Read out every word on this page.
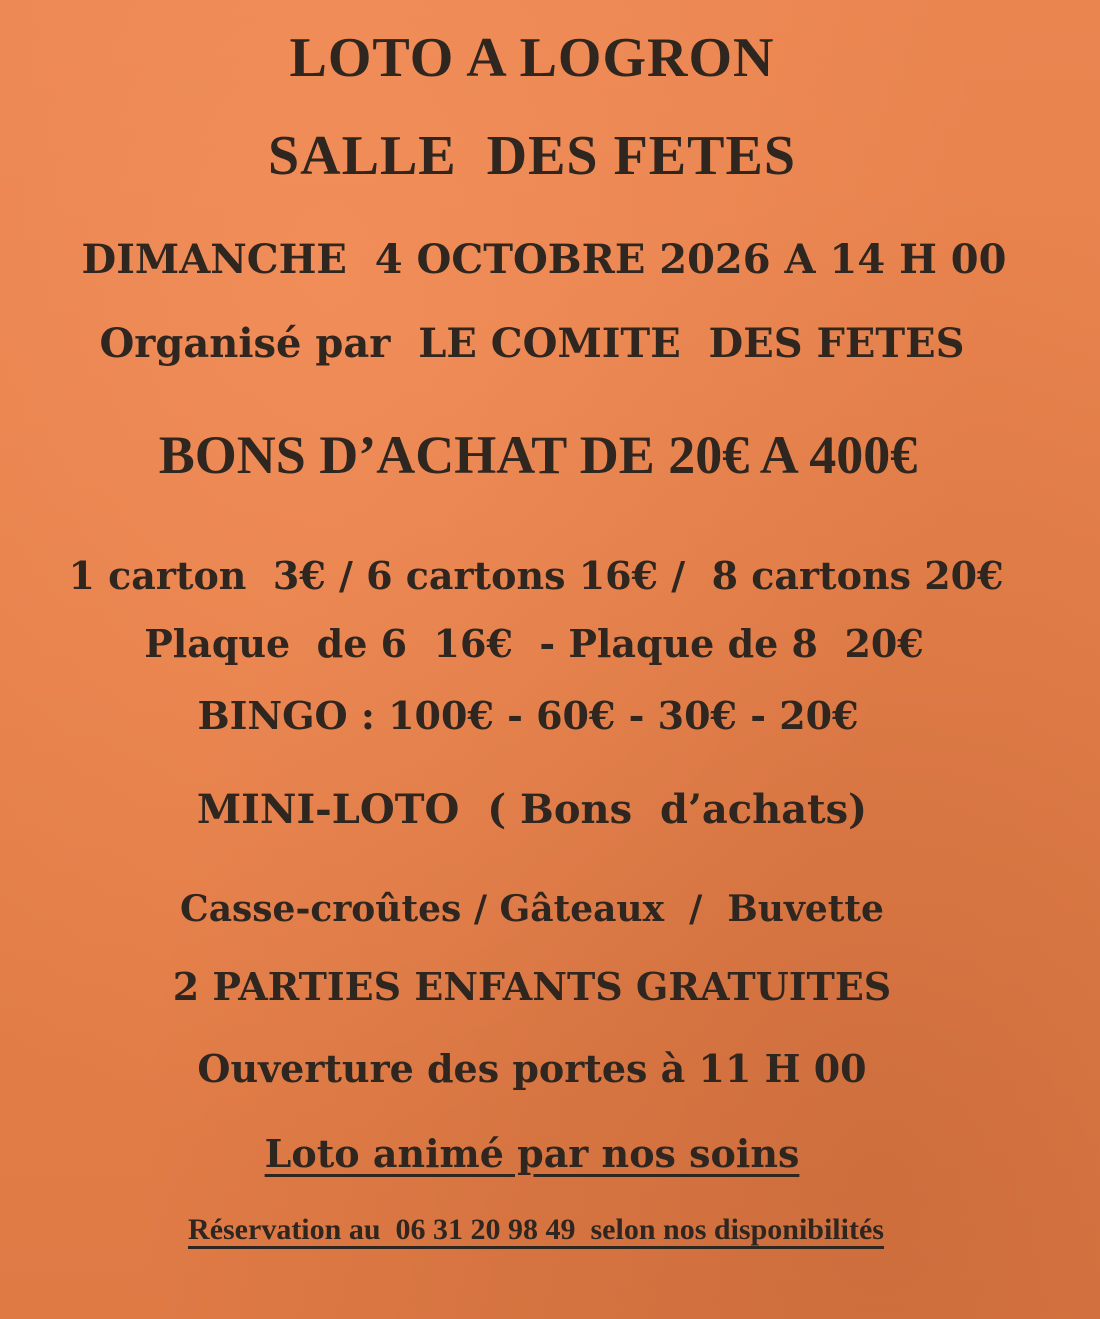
LOTO A LOGRON
SALLE  DES FETES
DIMANCHE  4 OCTOBRE 2026 A 14 H 00
Organisé par  LE COMITE  DES FETES
BONS D’ACHAT DE 20€ A 400€
1 carton  3€ / 6 cartons 16€ /  8 cartons 20€
Plaque  de 6  16€  - Plaque de 8  20€
BINGO : 100€ - 60€ - 30€ - 20€
MINI-LOTO  ( Bons  d’achats)
Casse-croûtes / Gâteaux  /  Buvette
2 PARTIES ENFANTS GRATUITES
Ouverture des portes à 11 H 00
Loto animé par nos soins
Réservation au  06 31 20 98 49  selon nos disponibilités
